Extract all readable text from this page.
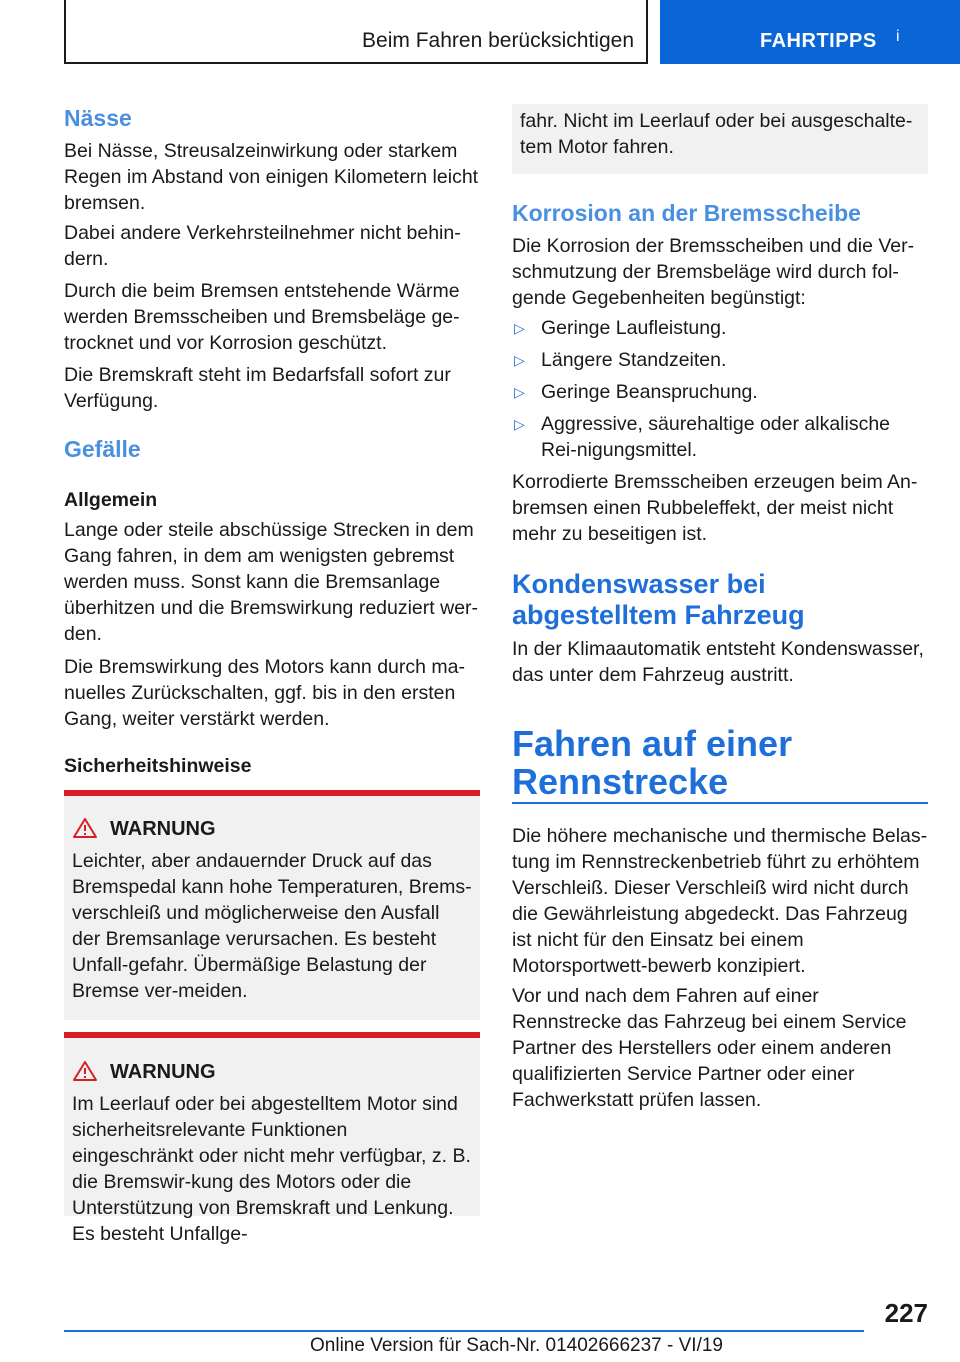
Beim Fahren berücksichtigen	FAHRTIPPS i
Nässe

Bei Nässe, Streusalzeinwirkung oder starkem Regen im Abstand von einigen Kilometern leicht bremsen.

Dabei andere Verkehrsteilnehmer nicht behin-dern.

Durch die beim Bremsen entstehende Wärme werden Bremsscheiben und Bremsbeläge ge-trocknet und vor Korrosion geschützt.

Die Bremskraft steht im Bedarfsfall sofort zur Verfügung.

Gefälle
Allgemein

Lange oder steile abschüssige Strecken in dem Gang fahren, in dem am wenigsten gebremst werden muss. Sonst kann die Bremsanlage überhitzen und die Bremswirkung reduziert wer-den.

Die Bremswirkung des Motors kann durch ma-nuelles Zurückschalten, ggf. bis in den ersten Gang, weiter verstärkt werden.

Sicherheitshinweise
WARNUNG

Leichter, aber andauernder Druck auf das Bremspedal kann hohe Temperaturen, Brems-verschleiß und möglicherweise den Ausfall der Bremsanlage verursachen. Es besteht Unfall-gefahr. Übermäßige Belastung der Bremse ver-meiden.

WARNUNG

Im Leerlauf oder bei abgestelltem Motor sind sicherheitsrelevante Funktionen eingeschränkt oder nicht mehr verfügbar, z. B. die Bremswir-kung des Motors oder die Unterstützung von Bremskraft und Lenkung. Es besteht Unfallge-

fahr. Nicht im Leerlauf oder bei ausgeschalte-tem Motor fahren.

Korrosion an der Bremsscheibe

Die Korrosion der Bremsscheiben und die Ver-schmutzung der Bremsbeläge wird durch fol-gende Gegebenheiten begünstigt:

▷ Geringe Laufleistung.
▷ Längere Standzeiten.
▷ Geringe Beanspruchung.
▷ Aggressive, säurehaltige oder alkalische Rei-nigungsmittel.

Korrodierte Bremsscheiben erzeugen beim An-bremsen einen Rubbeleffekt, der meist nicht mehr zu beseitigen ist.

Kondenswasser bei abgestelltem Fahrzeug

In der Klimaautomatik entsteht Kondenswasser, das unter dem Fahrzeug austritt.

Fahren auf einer Rennstrecke

Die höhere mechanische und thermische Belas-tung im Rennstreckenbetrieb führt zu erhöhtem Verschleiß. Dieser Verschleiß wird nicht durch die Gewährleistung abgedeckt. Das Fahrzeug ist nicht für den Einsatz bei einem Motorsportwett-bewerb konzipiert.

Vor und nach dem Fahren auf einer Rennstrecke das Fahrzeug bei einem Service Partner des Herstellers oder einem anderen qualifizierten Service Partner oder einer Fachwerkstatt prüfen lassen.

227
Online Version für Sach-Nr. 01402666237 - VI/19
